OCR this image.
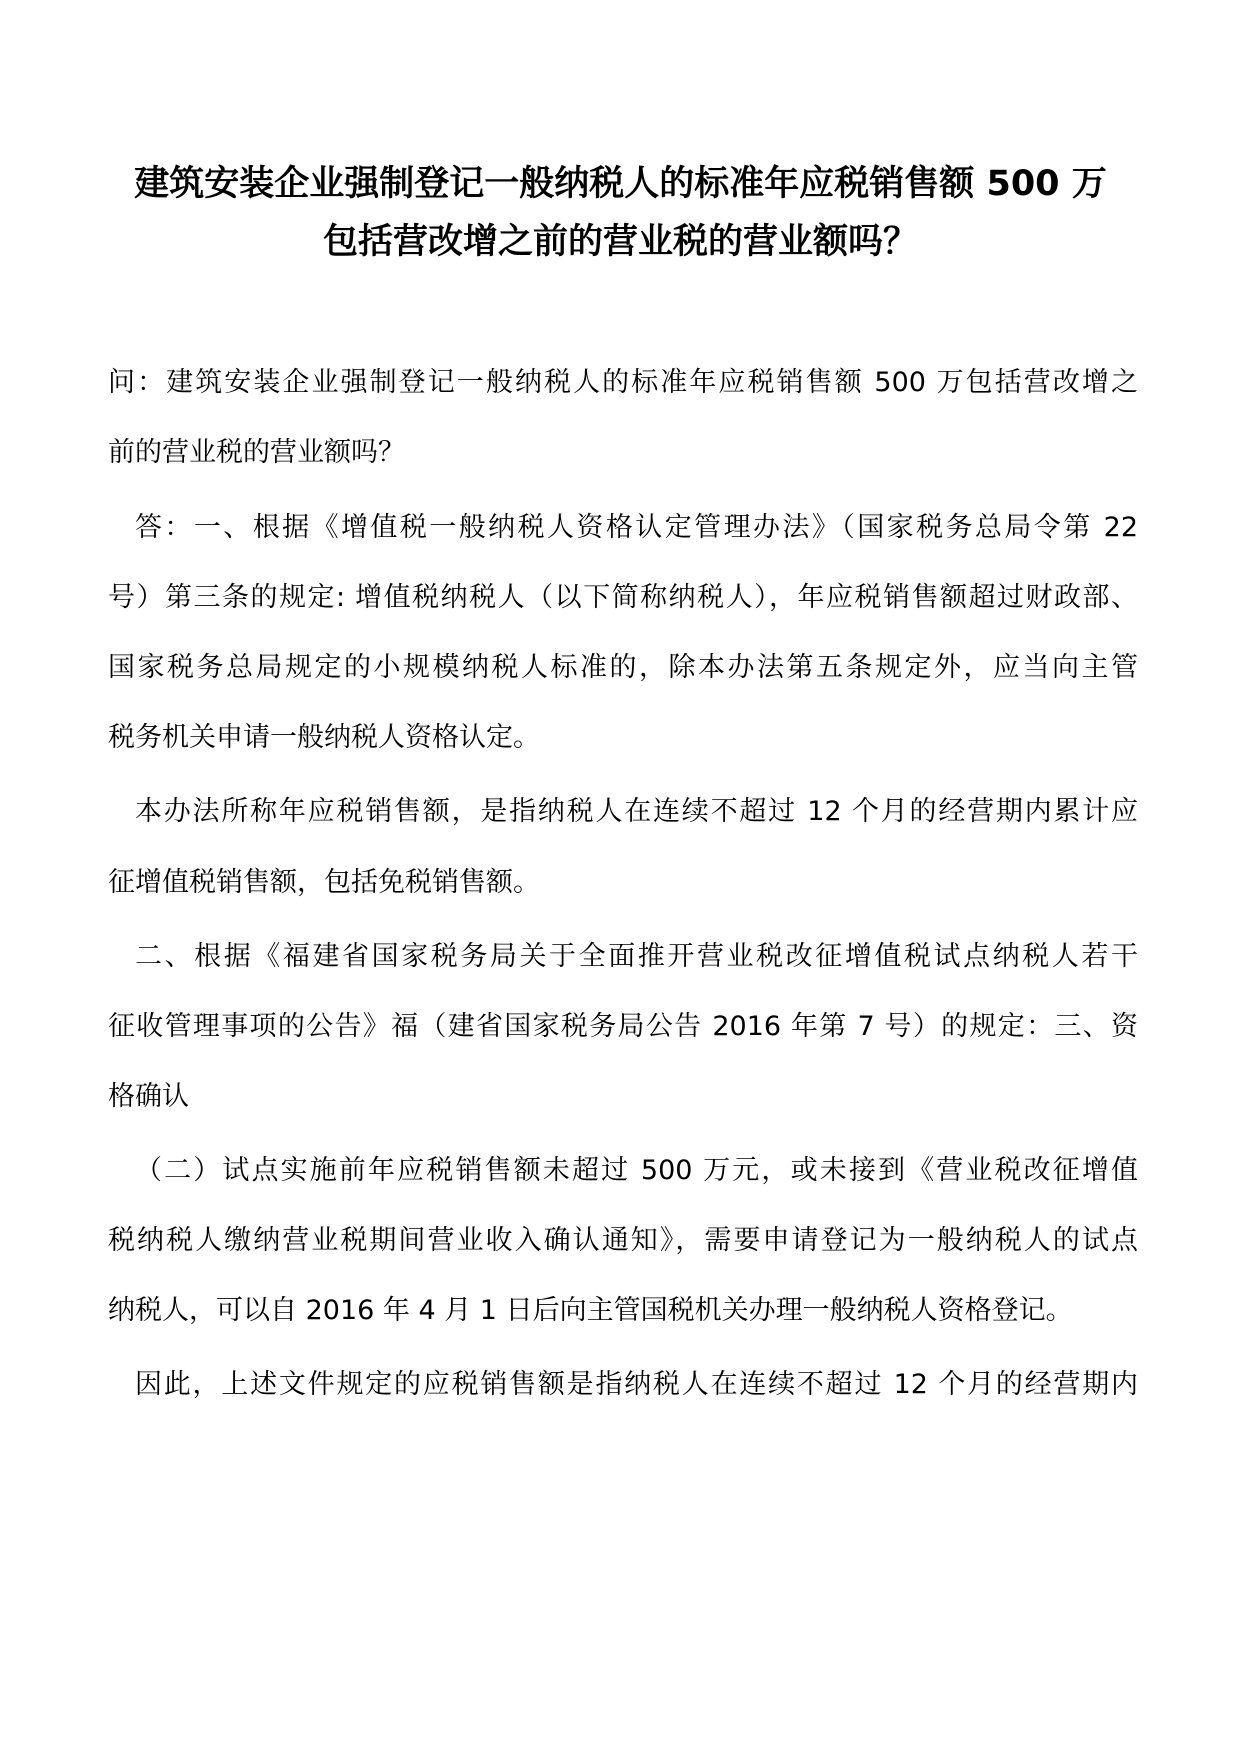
建筑安装企业强制登记一般纳税人的标准年应税销售额 500 万
包括营改增之前的营业税的营业额吗？
问：建筑安装企业强制登记一般纳税人的标准年应税销售额 500 万包括营改增之
前的营业税的营业额吗？
答：一、根据《增值税一般纳税人资格认定管理办法》（国家税务总局令第 22
号）第三条的规定: 增值税纳税人（以下简称纳税人），年应税销售额超过财政部、
国家税务总局规定的小规模纳税人标准的，除本办法第五条规定外，应当向主管
税务机关申请一般纳税人资格认定。
本办法所称年应税销售额，是指纳税人在连续不超过 12 个月的经营期内累计应
征增值税销售额，包括免税销售额。
二、根据《福建省国家税务局关于全面推开营业税改征增值税试点纳税人若干
征收管理事项的公告》福（建省国家税务局公告 2016 年第 7 号）的规定：三、资
格确认
（二）试点实施前年应税销售额未超过 500 万元，或未接到《营业税改征增值
税纳税人缴纳营业税期间营业收入确认通知》，需要申请登记为一般纳税人的试点
纳税人，可以自 2016 年 4 月 1 日后向主管国税机关办理一般纳税人资格登记。
因此，上述文件规定的应税销售额是指纳税人在连续不超过 12 个月的经营期内
